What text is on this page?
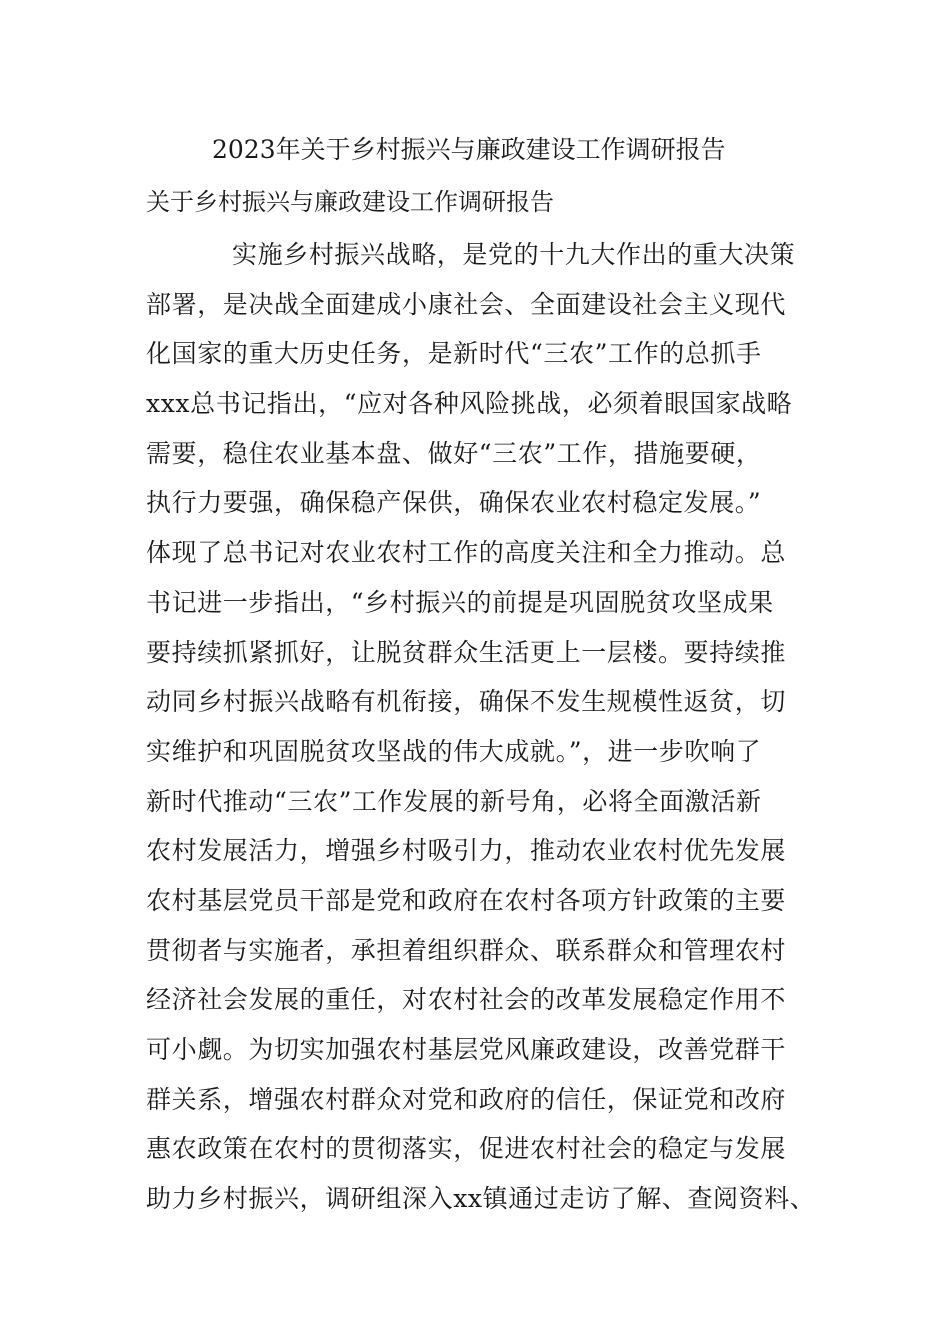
2023年关于乡村振兴与廉政建设工作调研报告
关于乡村振兴与廉政建设工作调研报告
实施乡村振兴战略，是党的十九大作出的重大决策
部署，是决战全面建成小康社会、全面建设社会主义现代
化国家的重大历史任务，是新时代“三农”工作的总抓手
xxx总书记指出，“应对各种风险挑战，必须着眼国家战略
需要，稳住农业基本盘、做好“三农”工作，措施要硬，
执行力要强，确保稳产保供，确保农业农村稳定发展。”
体现了总书记对农业农村工作的高度关注和全力推动。总
书记进一步指出，“乡村振兴的前提是巩固脱贫攻坚成果
要持续抓紧抓好，让脱贫群众生活更上一层楼。要持续推
动同乡村振兴战略有机衔接，确保不发生规模性返贫，切
实维护和巩固脱贫攻坚战的伟大成就。”，进一步吹响了
新时代推动“三农”工作发展的新号角，必将全面激活新
农村发展活力，增强乡村吸引力，推动农业农村优先发展
农村基层党员干部是党和政府在农村各项方针政策的主要
贯彻者与实施者，承担着组织群众、联系群众和管理农村
经济社会发展的重任，对农村社会的改革发展稳定作用不
可小觑。为切实加强农村基层党风廉政建设，改善党群干
群关系，增强农村群众对党和政府的信任，保证党和改府
惠农政策在农村的贯彻落实，促进农村社会的稳定与发展
助力乡村振兴，调研组深入xx镇通过走访了解、查阅资料、
